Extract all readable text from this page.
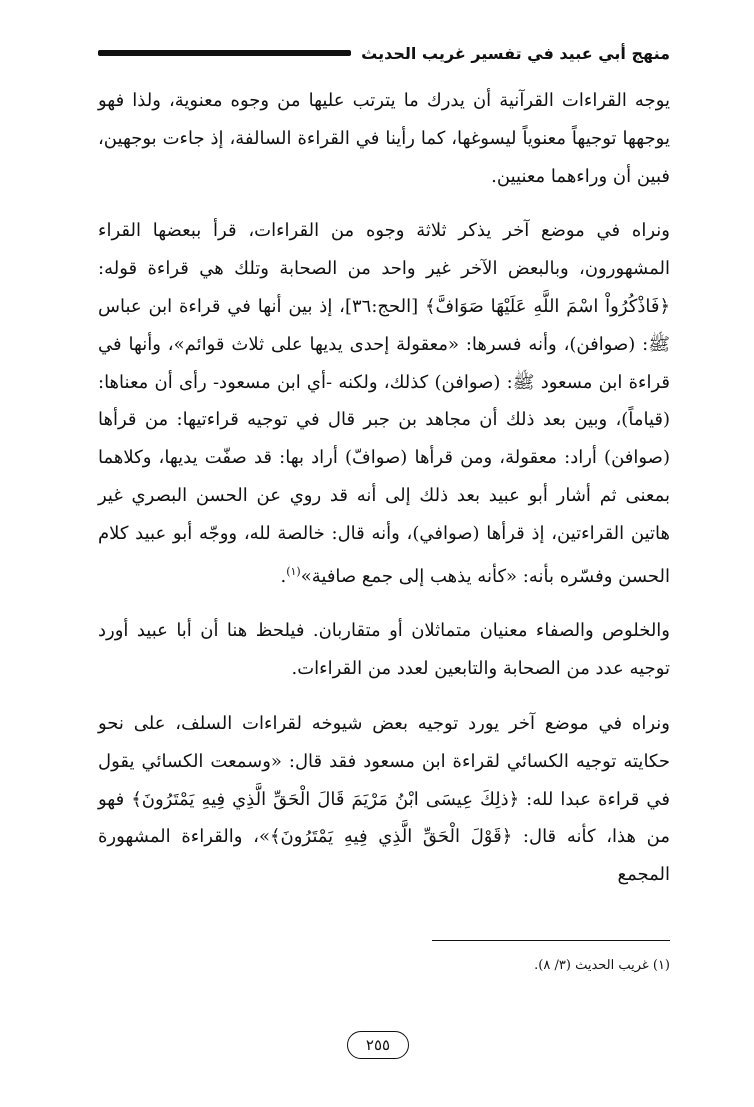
منهج أبي عبيد في تفسير غريب الحديث

يوجه القراءات القرآنية أن يدرك ما يترتب عليها من وجوه معنوية، ولذا فهو يوجهها توجيهاً معنوياً ليسوغها، كما رأينا في القراءة السالفة، إذ جاءت بوجهين، فبين أن وراءهما معنيين.

ونراه في موضع آخر يذكر ثلاثة وجوه من القراءات، قرأ ببعضها القراء المشهورون، وبالبعض الآخر غير واحد من الصحابة وتلك هي قراءة قوله: ﴿فَاذْكُرُواْ اسْمَ اللَّهِ عَلَيْهَا صَوَافَّ﴾ [الحج:٣٦]، إذ بين أنها في قراءة ابن عباس ﷺ: (صوافن)، وأنه فسرها: «معقولة إحدى يديها على ثلاث قوائم»، وأنها في قراءة ابن مسعود ﷺ: (صوافن) كذلك، ولكنه -أي ابن مسعود- رأى أن معناها:(قياماً)، وبين بعد ذلك أن مجاهد بن جبر قال في توجيه قراءتيها: من قرأها (صوافن) أراد: معقولة، ومن قرأها (صوافّ) أراد بها: قد صفّت يديها، وكلاهما بمعنى ثم أشار أبو عبيد بعد ذلك إلى أنه قد روي عن الحسن البصري غير هاتين القراءتين، إذ قرأها (صوافي)، وأنه قال: خالصة لله، ووجّه أبو عبيد كلام الحسن وفسّره بأنه: «كأنه يذهب إلى جمع صافية»$^{(١)}$.

والخلوص والصفاء معنيان متماثلان أو متقاربان. فيلحظ هنا أن أبا عبيد أورد توجيه عدد من الصحابة والتابعين لعدد من القراءات.

ونراه في موضع آخر يورد توجيه بعض شيوخه لقراءات السلف، على نحو حكايته توجيه الكسائي لقراءة ابن مسعود فقد قال: «وسمعت الكسائي يقول في قراءة عبدا لله: ﴿ذلِكَ عِيسَى ابْنُ مَرْيَمَ قَالَ الْحَقِّ الَّذِي فِيهِ يَمْتَرُونَ﴾ فهو من هذا، كأنه قال: ﴿قَوْلَ الْحَقِّ الَّذِي فِيهِ يَمْتَرُونَ﴾»، والقراءة المشهورة المجمع

(١) غريب الحديث (٣/ ٨).
٢٥٥
